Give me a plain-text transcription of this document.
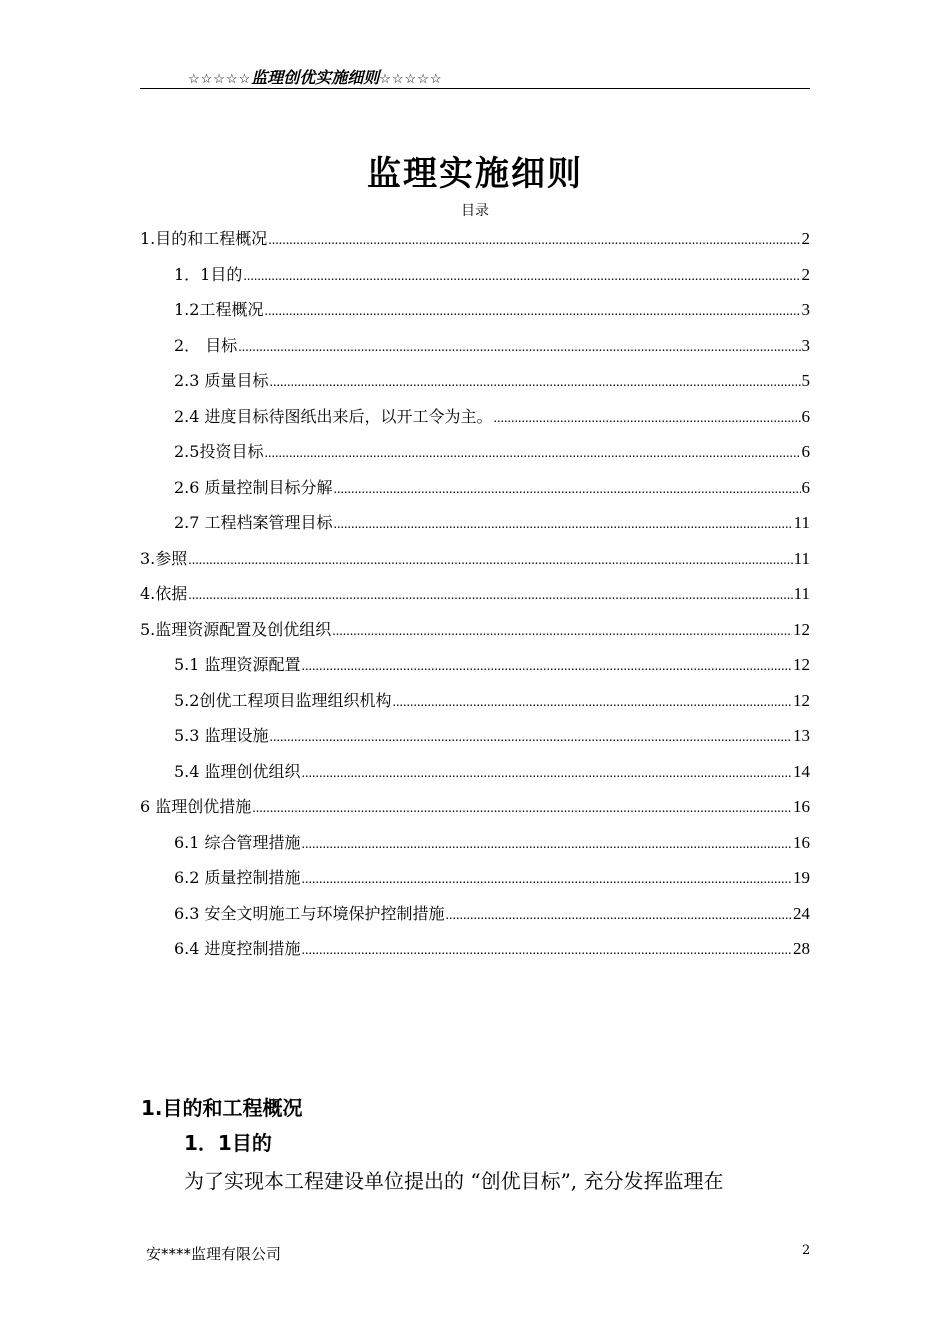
☆☆☆☆☆监理创优实施细则☆☆☆☆☆
监理实施细则
目录
1.目的和工程概况 .....	2
1．1目的 .....	2
1.2工程概况 .....	3
2． 目标 .....	3
2.3 质量目标 .....	5
2.4 进度目标待图纸出来后，以开工令为主。 .....	6
2.5投资目标 .....	6
2.6 质量控制目标分解 .....	6
2.7 工程档案管理目标 .....	11
3.参照 .....	11
4.依据 .....	11
5.监理资源配置及创优组织 .....	12
5.1 监理资源配置 .....	12
5.2创优工程项目监理组织机构 .....	12
5.3 监理设施 .....	13
5.4 监理创优组织 .....	14
6 监理创优措施 .....	16
6.1 综合管理措施 .....	16
6.2 质量控制措施 .....	19
6.3 安全文明施工与环境保护控制措施 .....	24
6.4 进度控制措施 .....	28
1.目的和工程概况
1．1目的
为了实现本工程建设单位提出的 “创优目标”, 充分发挥监理在
安****监理有限公司	2
